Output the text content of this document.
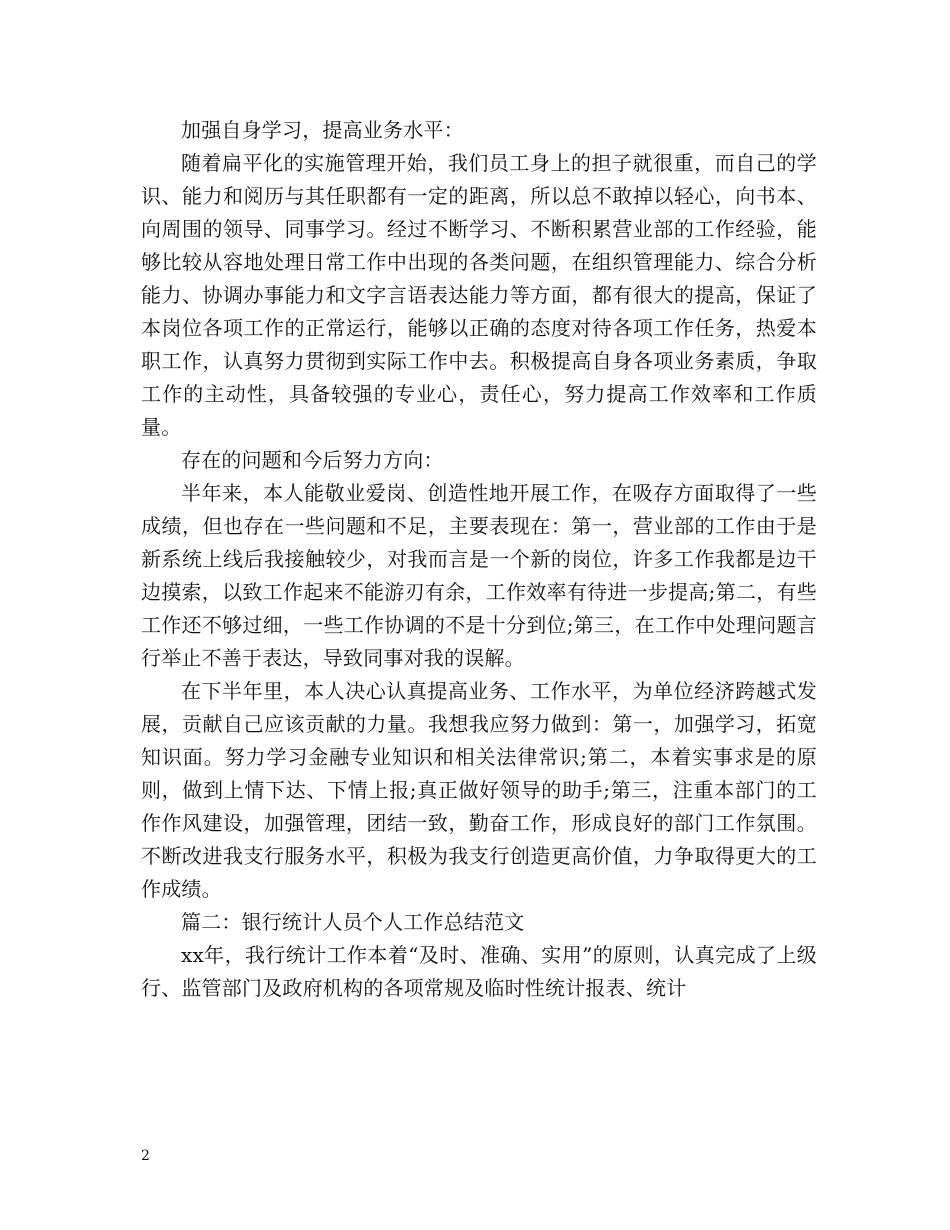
加强自身学习，提高业务水平：

随着扁平化的实施管理开始，我们员工身上的担子就很重，而自己的学识、能力和阅历与其任职都有一定的距离，所以总不敢掉以轻心，向书本、向周围的领导、同事学习。经过不断学习、不断积累营业部的工作经验，能够比较从容地处理日常工作中出现的各类问题，在组织管理能力、综合分析能力、协调办事能力和文字言语表达能力等方面，都有很大的提高，保证了本岗位各项工作的正常运行，能够以正确的态度对待各项工作任务，热爱本职工作，认真努力贯彻到实际工作中去。积极提高自身各项业务素质，争取工作的主动性，具备较强的专业心，责任心，努力提高工作效率和工作质量。

存在的问题和今后努力方向：

半年来，本人能敬业爱岗、创造性地开展工作，在吸存方面取得了一些成绩，但也存在一些问题和不足，主要表现在：第一，营业部的工作由于是新系统上线后我接触较少，对我而言是一个新的岗位，许多工作我都是边干边摸索，以致工作起来不能游刃有余，工作效率有待进一步提高;第二，有些工作还不够过细，一些工作协调的不是十分到位;第三，在工作中处理问题言行举止不善于表达，导致同事对我的误解。

在下半年里，本人决心认真提高业务、工作水平，为单位经济跨越式发展，贡献自己应该贡献的力量。我想我应努力做到：第一，加强学习，拓宽知识面。努力学习金融专业知识和相关法律常识;第二，本着实事求是的原则，做到上情下达、下情上报;真正做好领导的助手;第三，注重本部门的工作作风建设，加强管理，团结一致，勤奋工作，形成良好的部门工作氛围。不断改进我支行服务水平，积极为我支行创造更高价值，力争取得更大的工作成绩。

篇二：银行统计人员个人工作总结范文

xx年，我行统计工作本着“及时、准确、实用”的原则，认真完成了上级行、监管部门及政府机构的各项常规及临时性统计报表、统计

2
